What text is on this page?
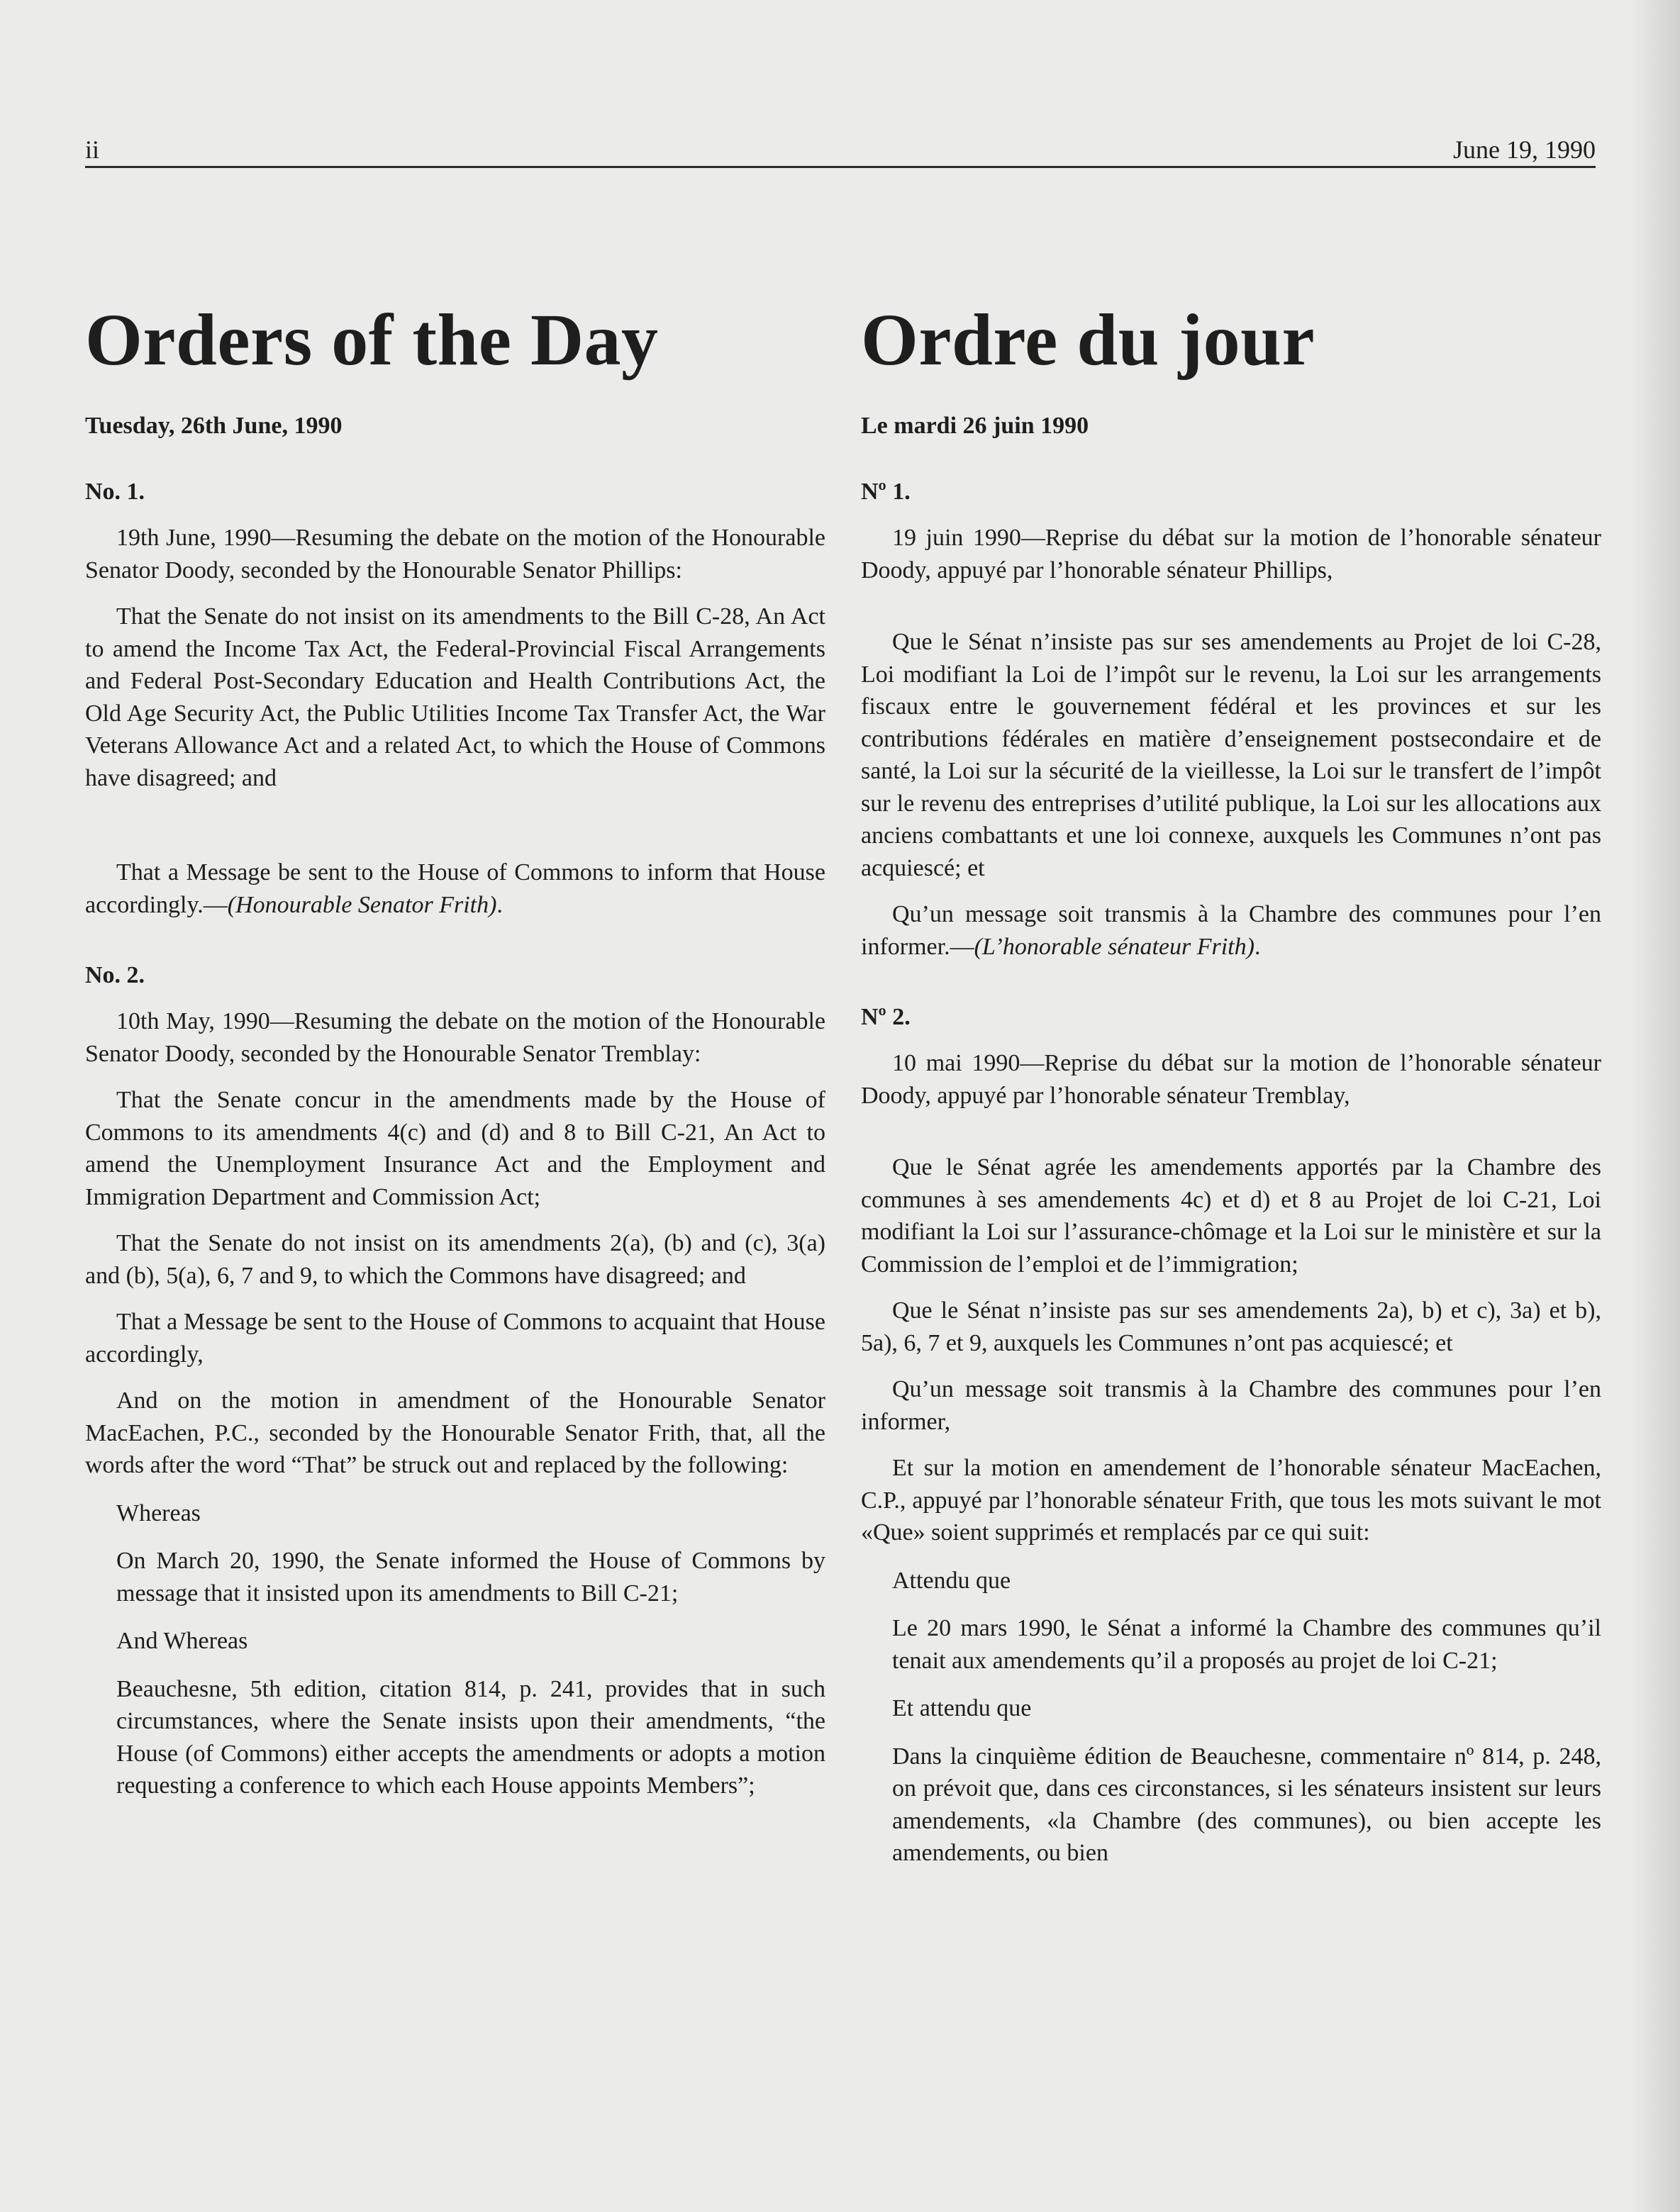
ii	June 19, 1990
Orders of the Day

Tuesday, 26th June, 1990

No. 1.

19th June, 1990—Resuming the debate on the motion of the Honourable Senator Doody, seconded by the Honourable Senator Phillips:

That the Senate do not insist on its amendments to the Bill C-28, An Act to amend the Income Tax Act, the Federal-Provincial Fiscal Arrangements and Federal Post-Secondary Education and Health Contributions Act, the Old Age Security Act, the Public Utilities Income Tax Transfer Act, the War Veterans Allowance Act and a related Act, to which the House of Commons have disagreed; and

That a Message be sent to the House of Commons to inform that House accordingly.—(Honourable Senator Frith).

No. 2.

10th May, 1990—Resuming the debate on the motion of the Honourable Senator Doody, seconded by the Honourable Senator Tremblay:

That the Senate concur in the amendments made by the House of Commons to its amendments 4(c) and (d) and 8 to Bill C-21, An Act to amend the Unemployment Insurance Act and the Employment and Immigration Department and Commission Act;

That the Senate do not insist on its amendments 2(a), (b) and (c), 3(a) and (b), 5(a), 6, 7 and 9, to which the Commons have disagreed; and

That a Message be sent to the House of Commons to acquaint that House accordingly,

And on the motion in amendment of the Honourable Senator MacEachen, P.C., seconded by the Honourable Senator Frith, that, all the words after the word “That” be struck out and replaced by the following:

Whereas

On March 20, 1990, the Senate informed the House of Commons by message that it insisted upon its amendments to Bill C-21;

And Whereas

Beauchesne, 5th edition, citation 814, p. 241, provides that in such circumstances, where the Senate insists upon their amendments, “the House (of Commons) either accepts the amendments or adopts a motion requesting a conference to which each House appoints Members”;

Ordre du jour

Le mardi 26 juin 1990

Nº 1.

19 juin 1990—Reprise du débat sur la motion de l’honorable sénateur Doody, appuyé par l’honorable sénateur Phillips,

Que le Sénat n’insiste pas sur ses amendements au Projet de loi C-28, Loi modifiant la Loi de l’impôt sur le revenu, la Loi sur les arrangements fiscaux entre le gouvernement fédéral et les provinces et sur les contributions fédérales en matière d’enseignement postsecondaire et de santé, la Loi sur la sécurité de la vieillesse, la Loi sur le transfert de l’impôt sur le revenu des entreprises d’utilité publique, la Loi sur les allocations aux anciens combattants et une loi connexe, auxquels les Communes n’ont pas acquiescé; et

Qu’un message soit transmis à la Chambre des communes pour l’en informer.—(L’honorable sénateur Frith).

Nº 2.

10 mai 1990—Reprise du débat sur la motion de l’honorable sénateur Doody, appuyé par l’honorable sénateur Tremblay,

Que le Sénat agrée les amendements apportés par la Chambre des communes à ses amendements 4c) et d) et 8 au Projet de loi C-21, Loi modifiant la Loi sur l’assurance-chômage et la Loi sur le ministère et sur la Commission de l’emploi et de l’immigration;

Que le Sénat n’insiste pas sur ses amendements 2a), b) et c), 3a) et b), 5a), 6, 7 et 9, auxquels les Communes n’ont pas acquiescé; et

Qu’un message soit transmis à la Chambre des communes pour l’en informer,

Et sur la motion en amendement de l’honorable sénateur MacEachen, C.P., appuyé par l’honorable sénateur Frith, que tous les mots suivant le mot «Que» soient supprimés et remplacés par ce qui suit:

Attendu que

Le 20 mars 1990, le Sénat a informé la Chambre des communes qu’il tenait aux amendements qu’il a proposés au projet de loi C-21;

Et attendu que

Dans la cinquième édition de Beauchesne, commentaire nº 814, p. 248, on prévoit que, dans ces circonstances, si les sénateurs insistent sur leurs amendements, «la Chambre (des communes), ou bien accepte les amendements, ou bien
